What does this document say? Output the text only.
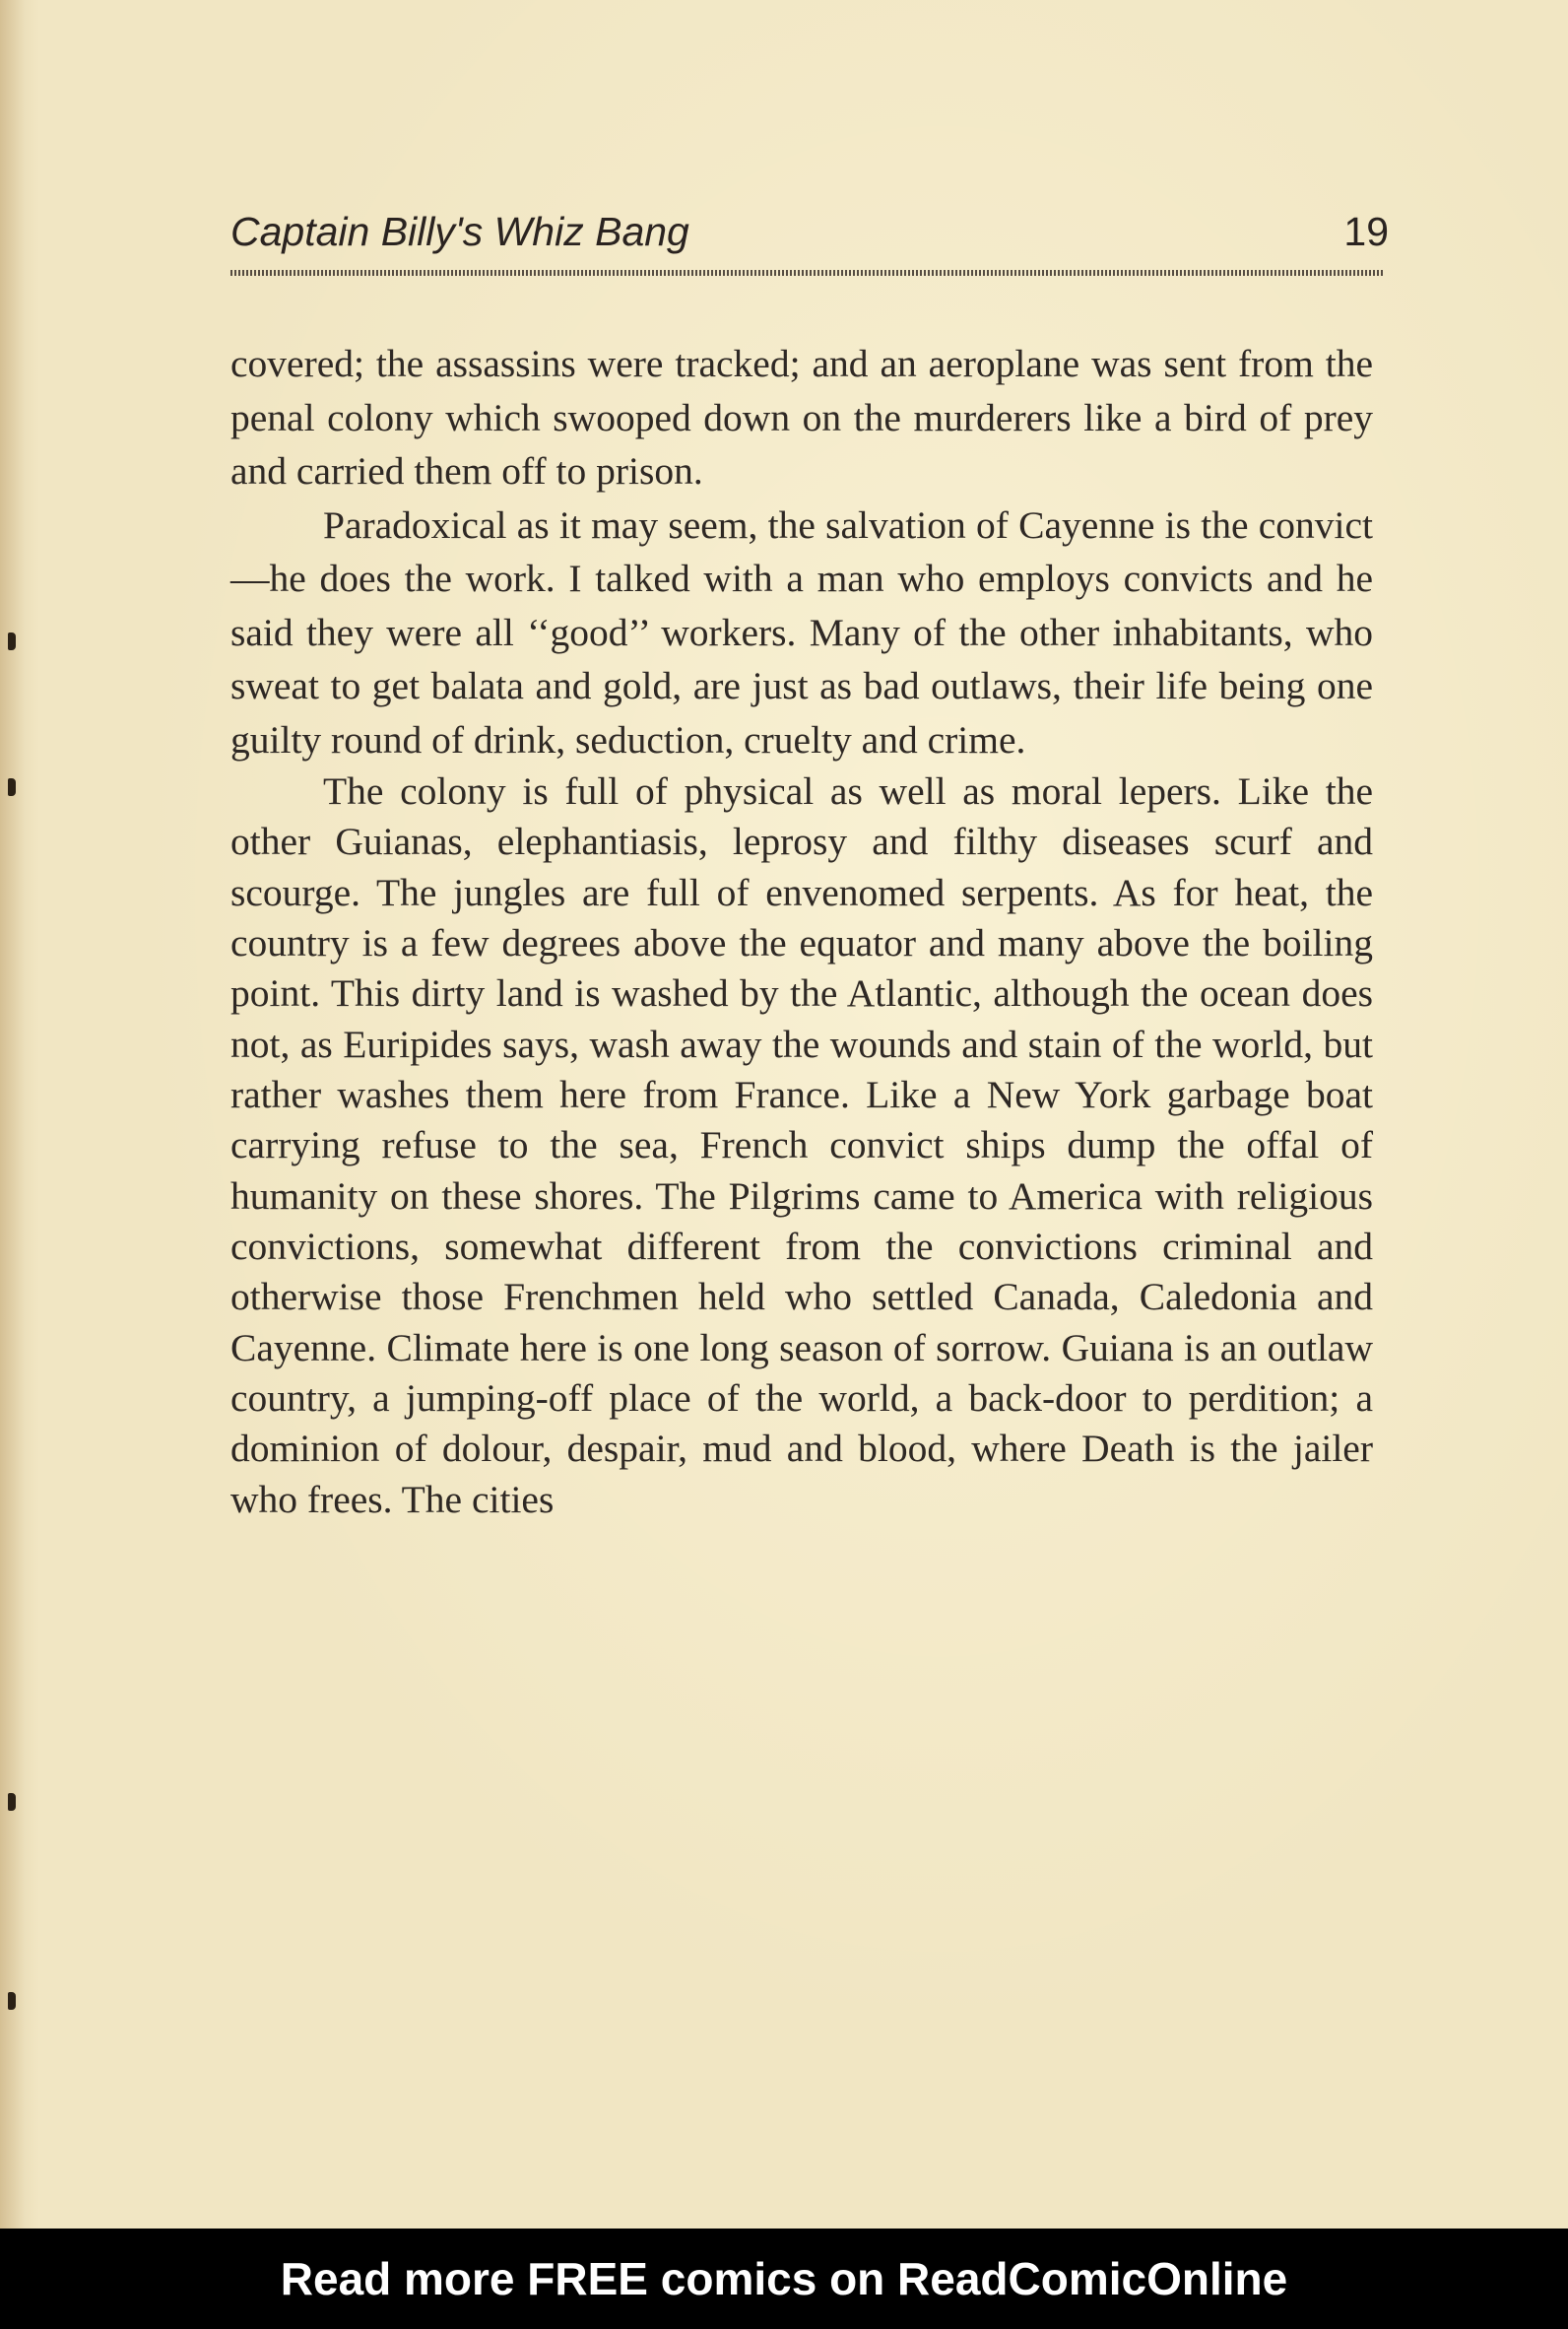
Captain Billy's Whiz Bang	19

covered; the assassins were tracked; and an aeroplane was sent from the penal colony which swooped down on the murderers like a bird of prey and carried them off to prison.

Paradoxical as it may seem, the salvation of Cayenne is the convict—he does the work. I talked with a man who employs convicts and he said they were all ‘‘good’’ workers. Many of the other inhabitants, who sweat to get balata and gold, are just as bad outlaws, their life being one guilty round of drink, seduction, cruelty and crime.

The colony is full of physical as well as moral lepers. Like the other Guianas, elephantiasis, leprosy and filthy diseases scurf and scourge. The jungles are full of envenomed serpents. As for heat, the country is a few degrees above the equator and many above the boiling point. This dirty land is washed by the Atlantic, although the ocean does not, as Euripides says, wash away the wounds and stain of the world, but rather washes them here from France. Like a New York garbage boat carrying refuse to the sea, French convict ships dump the offal of humanity on these shores. The Pilgrims came to America with religious convictions, somewhat different from the convictions criminal and otherwise those Frenchmen held who settled Canada, Caledonia and Cayenne. Climate here is one long season of sorrow. Guiana is an outlaw country, a jumping-off place of the world, a back-door to perdition; a dominion of dolour, despair, mud and blood, where Death is the jailer who frees. The cities

Read more FREE comics on ReadComicOnline
